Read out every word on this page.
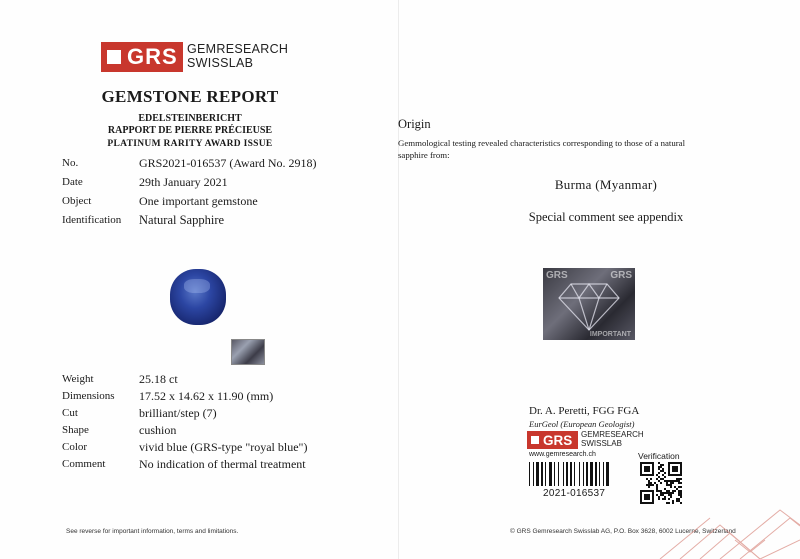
GRS GEMRESEARCH
SWISSLAB
GEMSTONE REPORT
EDELSTEINBERICHT
RAPPORT DE PIERRE PRÉCIEUSE
PLATINUM RARITY AWARD ISSUE
No.	GRS2021-016537 (Award No. 2918)
Date	29th January 2021
Object	One important gemstone
Identification Natural Sapphire
Weight	25.18 ct
Dimensions 17.52 x 14.62 x 11.90 (mm)
Cut	brilliant/step (7)
Shape	cushion
Color	vivid blue (GRS-type "royal blue")
Comment	No indication of thermal treatment
Origin
Gemmological testing revealed characteristics corresponding to those of a natural sapphire from:
Burma (Myanmar)
Special comment see appendix
GRS	GRS
IMPORTANT
Dr. A. Peretti, FGG FGA
EurGeol (European Geologist)
GRS GEMRESEARCH
SWISSLAB
www.gemresearch.ch	Verification
2021-016537
See reverse for important information, terms and limitations.	© GRS Gemresearch Swisslab AG, P.O. Box 3628, 6002 Lucerne, Switzerland
